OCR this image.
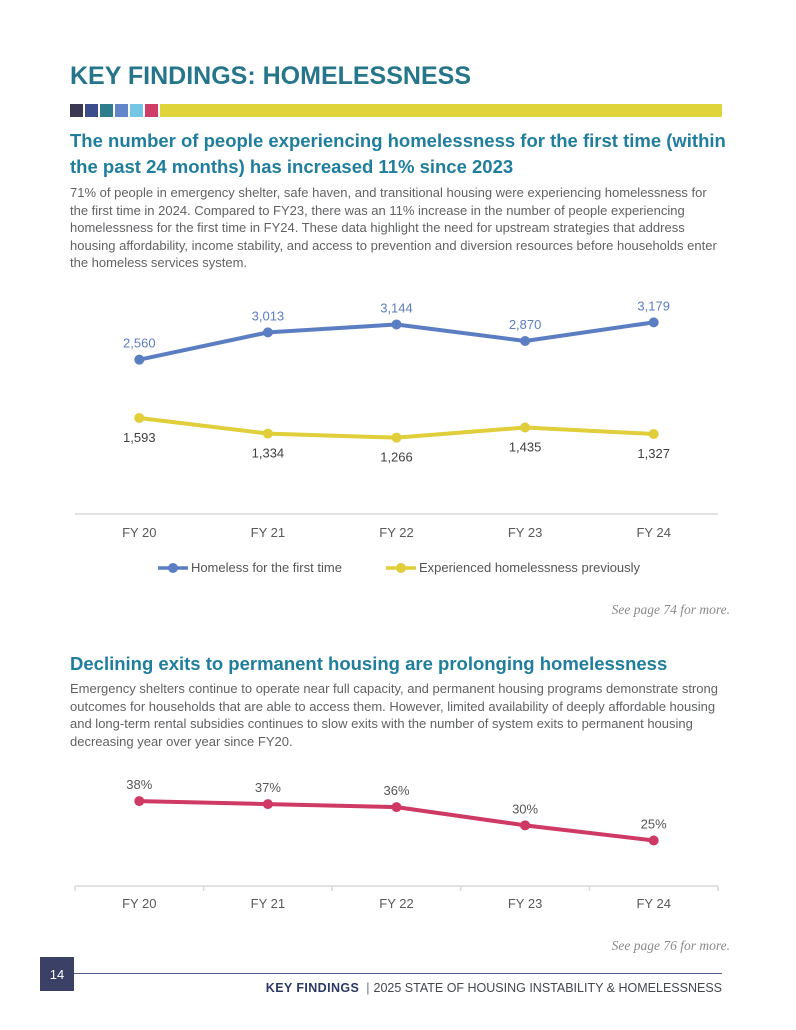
KEY FINDINGS: HOMELESSNESS
The number of people experiencing homelessness for the first time (within the past 24 months) has increased 11% since 2023
71% of people in emergency shelter, safe haven, and transitional housing were experiencing homelessness for the first time in 2024. Compared to FY23, there was an 11% increase in the number of people experiencing homelessness for the first time in FY24. These data highlight the need for upstream strategies that address housing affordability, income stability, and access to prevention and diversion resources before households enter the homeless services system.
FY 20	FY 21	FY 22	FY 23	FY 24
2,560
3,013
3,144
2,870
3,179
1,593
1,334	1,266
1,435	1,327
Homeless for the first time	Experienced homelessness previously
See page 74 for more.
Declining exits to permanent housing are prolonging homelessness
Emergency shelters continue to operate near full capacity, and permanent housing programs demonstrate strong outcomes for households that are able to access them. However, limited availability of deeply affordable housing and long-term rental subsidies continues to slow exits with the number of system exits to permanent housing decreasing year over year since FY20.
FY 20	FY 21	FY 22	FY 23	FY 24
38%	37%	36%
30%
25%
See page 76 for more.
14
KEY FINDINGS | 2025 STATE OF HOUSING INSTABILITY & HOMELESSNESS
